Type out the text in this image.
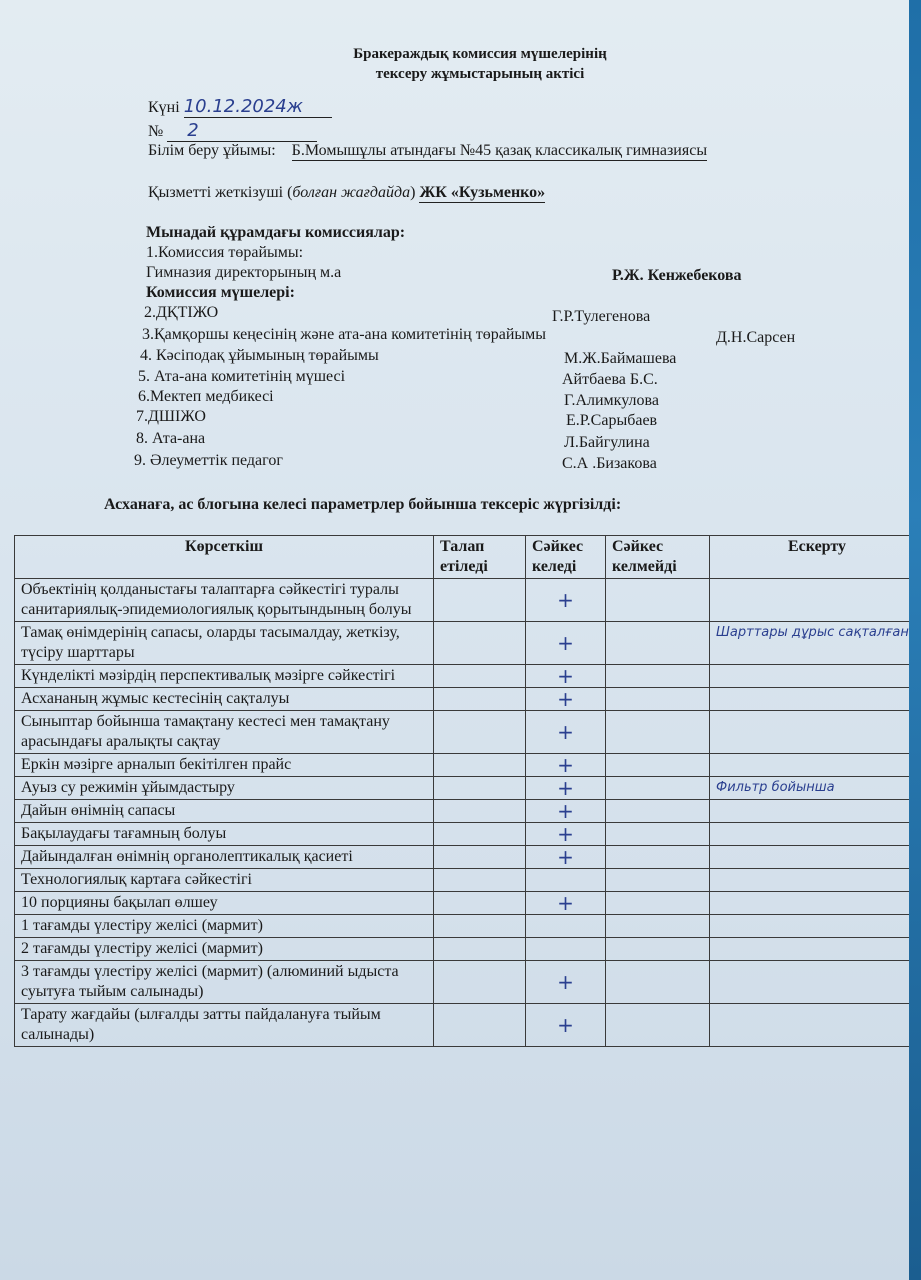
Бракераждық комиссия мүшелерінің
тексеру жұмыстарының актісі
Күні 10.12.2024ж
№ 2
Білім беру ұйымы: Б.Момышұлы атындағы №45 қазақ классикалық гимназиясы
Қызметті жеткізуші (болған жағдайда) ЖК «Кузьменко»
Мынадай құрамдағы комиссиялар:
1.Комиссия төрайымы:
Гимназия директорының м.а	Р.Ж. Кенжебекова
Комиссия мүшелері:
2.ДҚТІЖО	Г.Р.Тулегенова
3.Қамқоршы кеңесінің және ата-ана комитетінің төрайымы	Д.Н.Сарсен
4. Кәсіподақ ұйымының төрайымы	М.Ж.Баймашева
5. Ата-ана комитетінің мүшесі	Айтбаева Б.С.
6.Мектеп медбикесі	Г.Алимкулова
7.ДШІЖО	Е.Р.Сарыбаев
8. Ата-ана	Л.Байгулина
9. Әлеуметтік педагог	С.А .Бизакова
Асханаға, ас блогына келесі параметрлер бойынша тексеріс жүргізілді:
Көрсеткіш	Талап етіледі	Сәйкес келеді	Сәйкес келмейді	Ескерту
Объектінің қолданыстағы талаптарға сәйкестігі туралы санитариялық-эпидемиологиялық қорытындының болуы		+		
Тамақ өнімдерінің сапасы, оларды тасымалдау, жеткізу, түсіру шарттары		+		Шарттары дұрыс сақталған
Күнделікті мәзірдің перспективалық мәзірге сәйкестігі		+		
Асхананың жұмыс кестесінің сақталуы		+		
Сыныптар бойынша тамақтану кестесі мен тамақтану арасындағы аралықты сақтау		+		
Еркін мәзірге арналып бекітілген прайс		+		
Ауыз су режимін ұйымдастыру		+		Фильтр бойынша
Дайын өнімнің сапасы		+		
Бақылаудағы тағамның болуы		+		
Дайындалған өнімнің органолептикалық қасиеті		+		
Технологиялық картаға сәйкестігі				
10 порцияны бақылап өлшеу		+		
1 тағамды үлестіру желісі (мармит)				
2 тағамды үлестіру желісі (мармит)				
3 тағамды үлестіру желісі (мармит) (алюминий ыдыста суытуға тыйым салынады)		+		
Тарату жағдайы (ылғалды затты пайдалануға тыйым салынады)		+		
